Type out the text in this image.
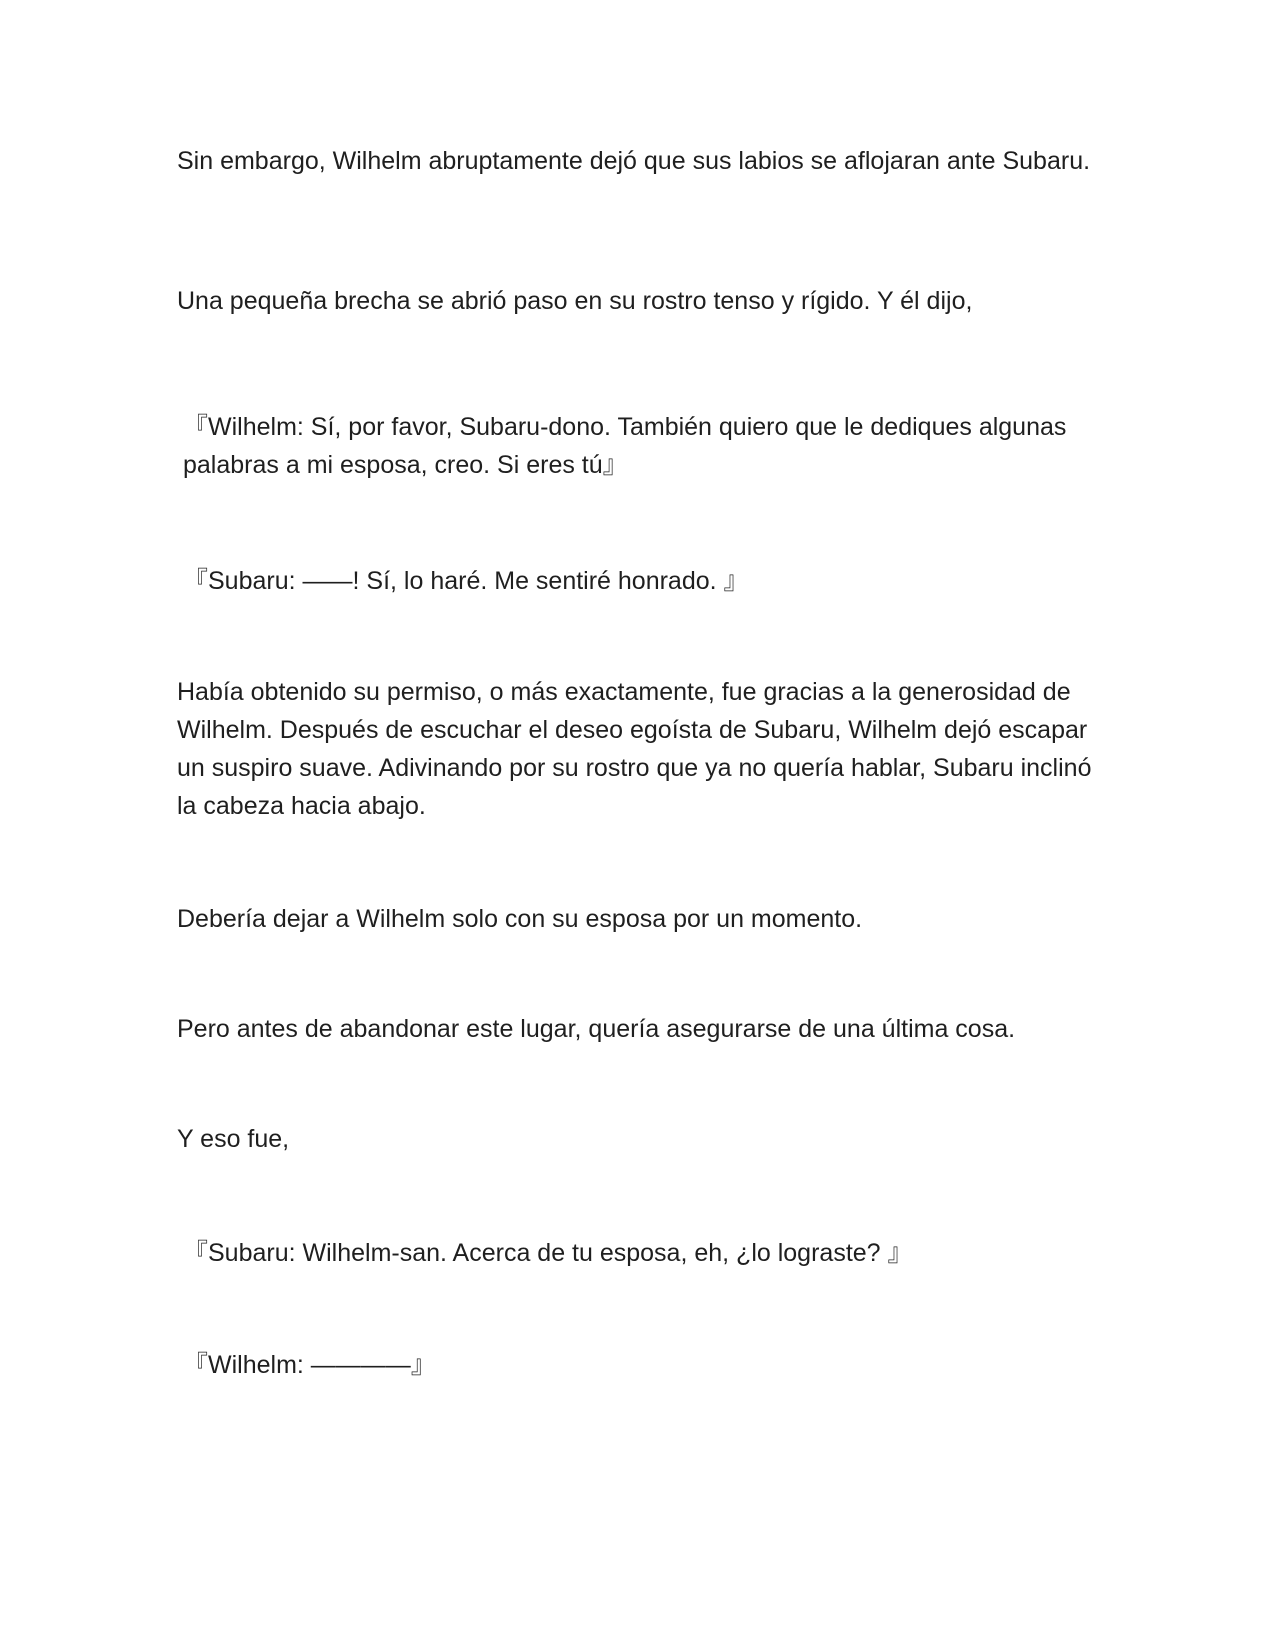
Sin embargo, Wilhelm abruptamente dejó que sus labios se aflojaran ante Subaru.

Una pequeña brecha se abrió paso en su rostro tenso y rígido. Y él dijo,

『Wilhelm: Sí, por favor, Subaru-dono. También quiero que le dediques algunas palabras a mi esposa, creo. Si eres tú』

『Subaru: ——! Sí, lo haré. Me sentiré honrado. 』

Había obtenido su permiso, o más exactamente, fue gracias a la generosidad de Wilhelm. Después de escuchar el deseo egoísta de Subaru, Wilhelm dejó escapar un suspiro suave. Adivinando por su rostro que ya no quería hablar, Subaru inclinó la cabeza hacia abajo.

Debería dejar a Wilhelm solo con su esposa por un momento.

Pero antes de abandonar este lugar, quería asegurarse de una última cosa.

Y eso fue,

『Subaru: Wilhelm-san. Acerca de tu esposa, eh, ¿lo lograste? 』

『Wilhelm: ————』
